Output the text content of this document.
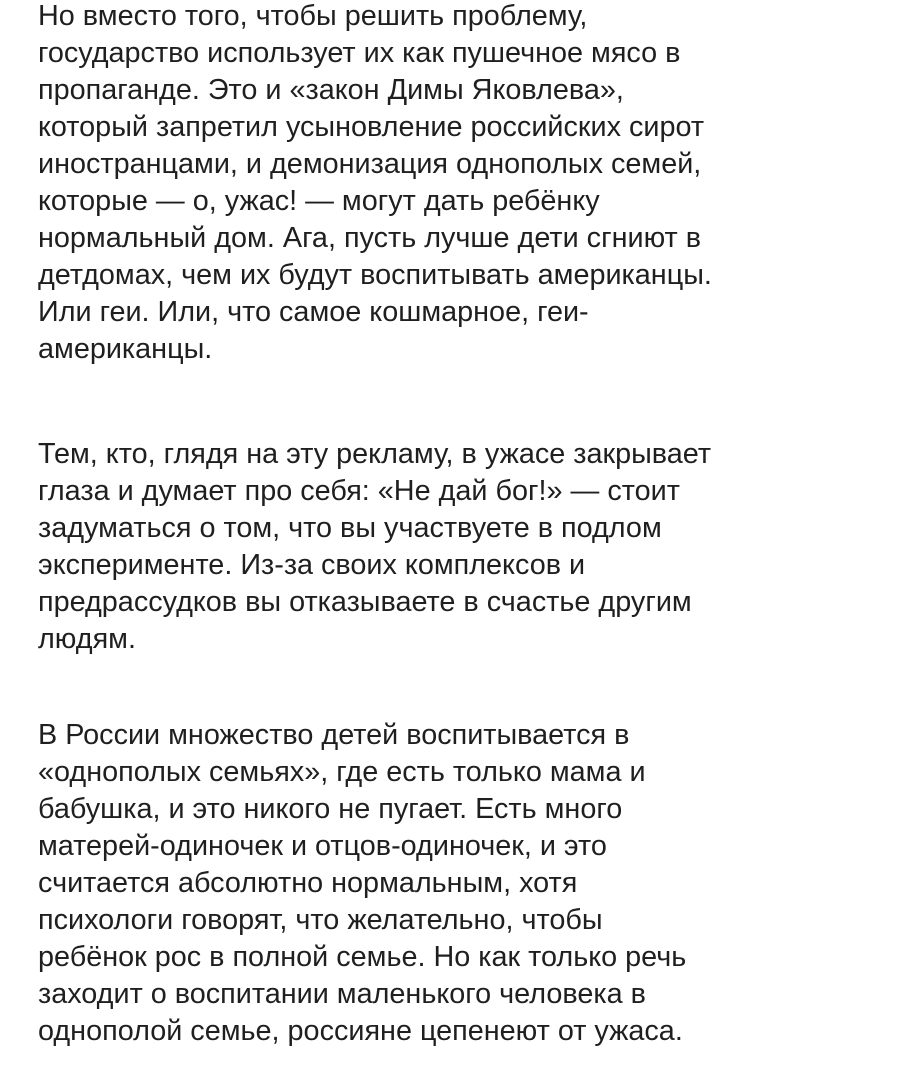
Но вместо того, чтобы решить проблему,
государство использует их как пушечное мясо в
пропаганде. Это и «закон Димы Яковлева»,
который запретил усыновление российских сирот
иностранцами, и демонизация однополых семей,
которые — о, ужас! — могут дать ребёнку
нормальный дом. Ага, пусть лучше дети сгниют в
детдомах, чем их будут воспитывать американцы.
Или геи. Или, что самое кошмарное, геи-
американцы.

Тем, кто, глядя на эту рекламу, в ужасе закрывает
глаза и думает про себя: «Не дай бог!» — стоит
задуматься о том, что вы участвуете в подлом
эксперименте. Из-за своих комплексов и
предрассудков вы отказываете в счастье другим
людям.

В России множество детей воспитывается в
«однополых семьях», где есть только мама и
бабушка, и это никого не пугает. Есть много
матерей-одиночек и отцов-одиночек, и это
считается абсолютно нормальным, хотя
психологи говорят, что желательно, чтобы
ребёнок рос в полной семье. Но как только речь
заходит о воспитании маленького человека в
однополой семье, россияне цепенеют от ужаса.
